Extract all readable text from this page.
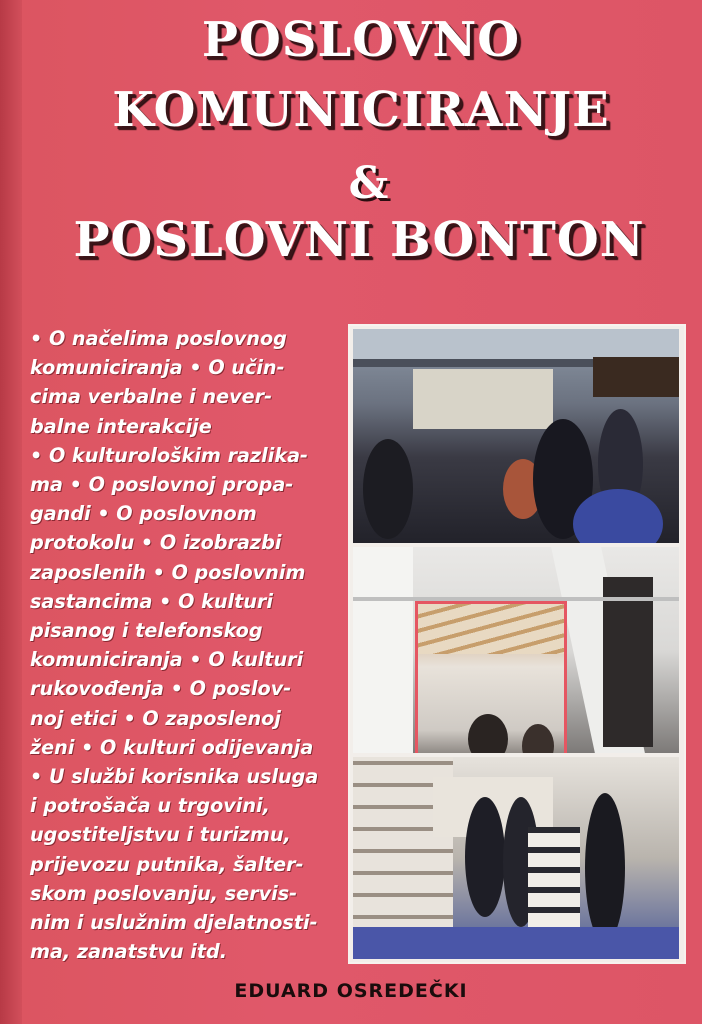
POSLOVNO
KOMUNICIRANJE
&
POSLOVNI BONTON
• O načelima poslovnog
komuniciranja • O učin-
cima verbalne i never-
balne interakcije
• O kulturološkim razlika-
ma • O poslovnoj propa-
gandi • O poslovnom
protokolu • O izobrazbi
zaposlenih • O poslovnim
sastancima • O kulturi
pisanog i telefonskog
komuniciranja • O kulturi
rukovođenja • O poslov-
noj etici • O zaposlenoj
ženi • O kulturi odijevanja
• U službi korisnika usluga
i potrošača u trgovini,
ugostiteljstvu i turizmu,
prijevozu putnika, šalter-
skom poslovanju, servis-
nim i uslužnim djelatnosti-
ma, zanatstvu itd.
EDUARD OSREDEČKI
